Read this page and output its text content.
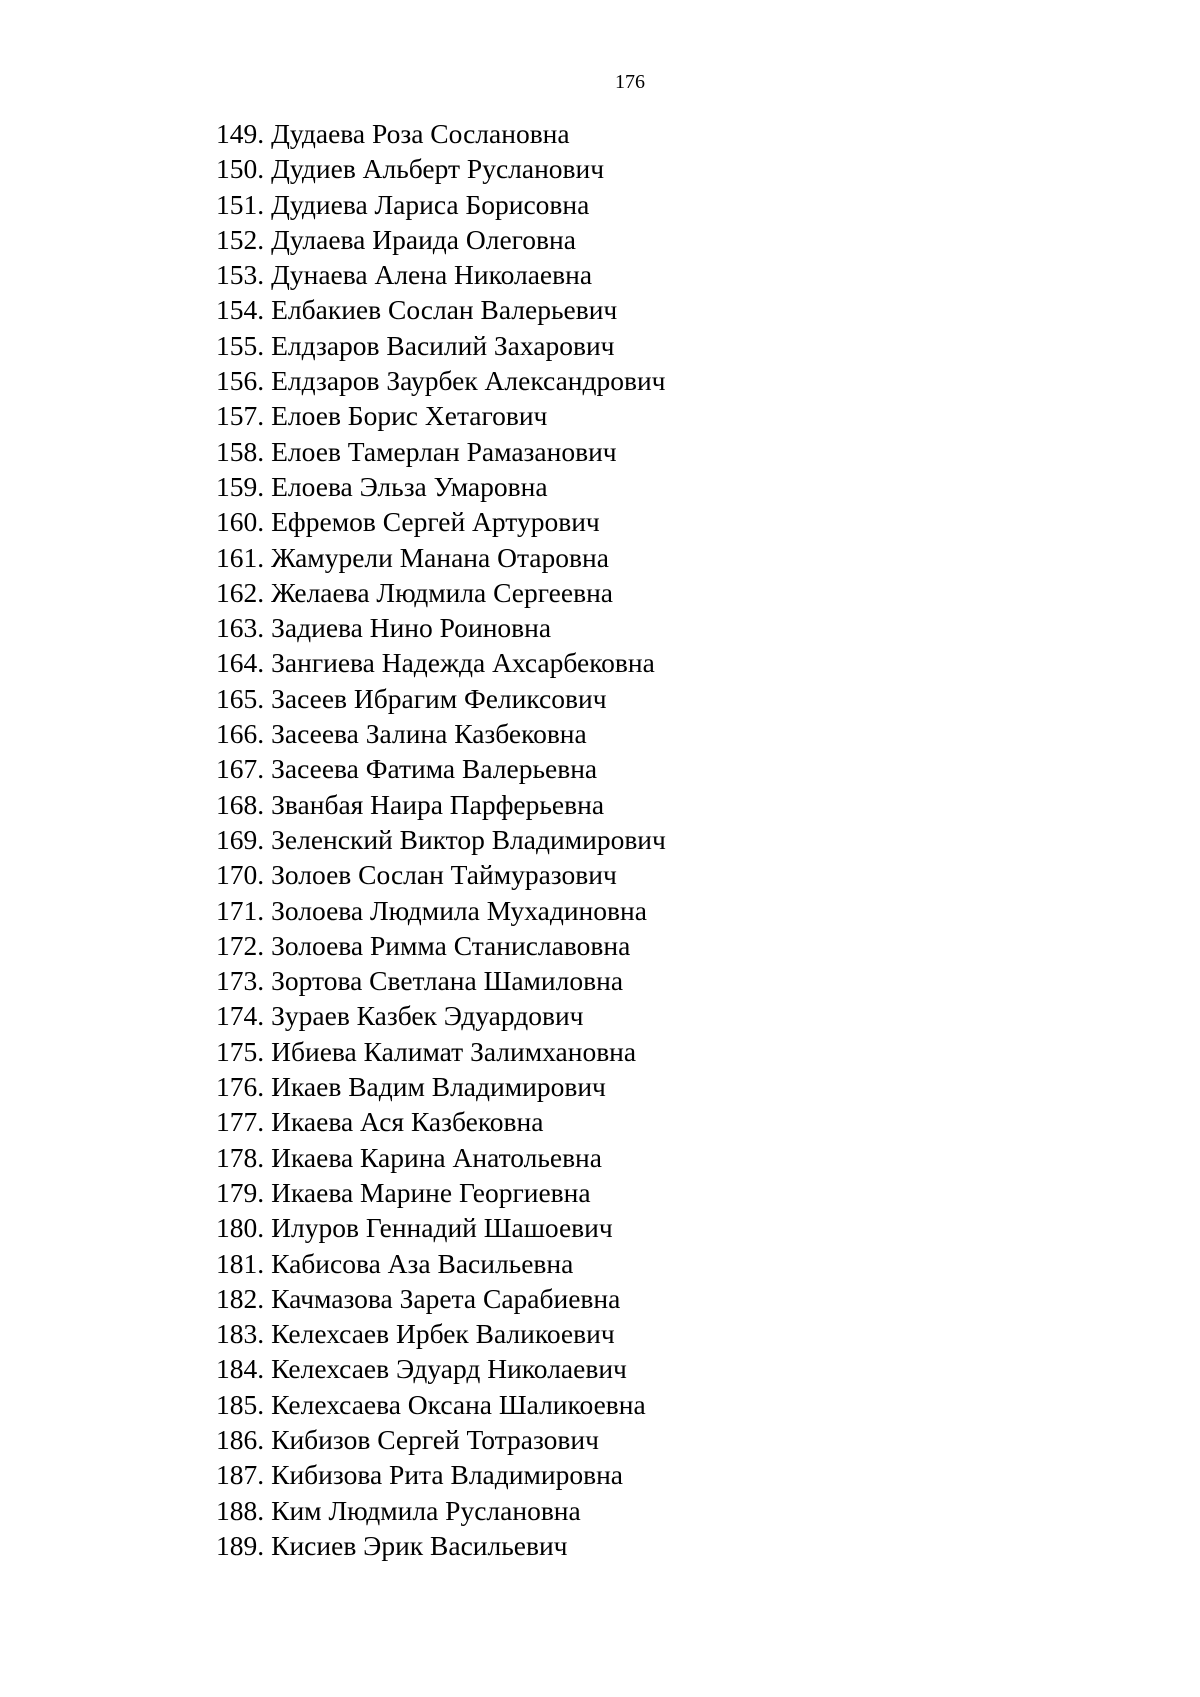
176
149. Дудаева Роза Сослановна
150. Дудиев Альберт Русланович
151. Дудиева Лариса Борисовна
152. Дулаева Ираида Олеговна
153. Дунаева Алена Николаевна
154. Елбакиев Сослан Валерьевич
155. Елдзаров Василий Захарович
156. Елдзаров Заурбек Александрович
157. Елоев Борис Хетагович
158. Елоев Тамерлан Рамазанович
159. Елоева Эльза Умаровна
160. Ефремов Сергей Артурович
161. Жамурели Манана Отаровна
162. Желаева Людмила Сергеевна
163. Задиева Нино Роиновна
164. Зангиева Надежда Ахсарбековна
165. Засеев Ибрагим Феликсович
166. Засеева Залина Казбековна
167. Засеева Фатима Валерьевна
168. Званбая Наира Парферьевна
169. Зеленский Виктор Владимирович
170. Золоев Сослан Таймуразович
171. Золоева Людмила Мухадиновна
172. Золоева Римма Станиславовна
173. Зортова Светлана Шамиловна
174. Зураев Казбек Эдуардович
175. Ибиева Калимат Залимхановна
176. Икаев Вадим Владимирович
177. Икаева Ася Казбековна
178. Икаева Карина Анатольевна
179. Икаева Марине Георгиевна
180. Илуров Геннадий Шашоевич
181. Кабисова Аза Васильевна
182. Качмазова Зарета Сарабиевна
183. Келехсаев Ирбек Валикоевич
184. Келехсаев Эдуард Николаевич
185. Келехсаева Оксана Шаликоевна
186. Кибизов Сергей Тотразович
187. Кибизова Рита Владимировна
188. Ким Людмила Руслановна
189. Кисиев Эрик Васильевич
